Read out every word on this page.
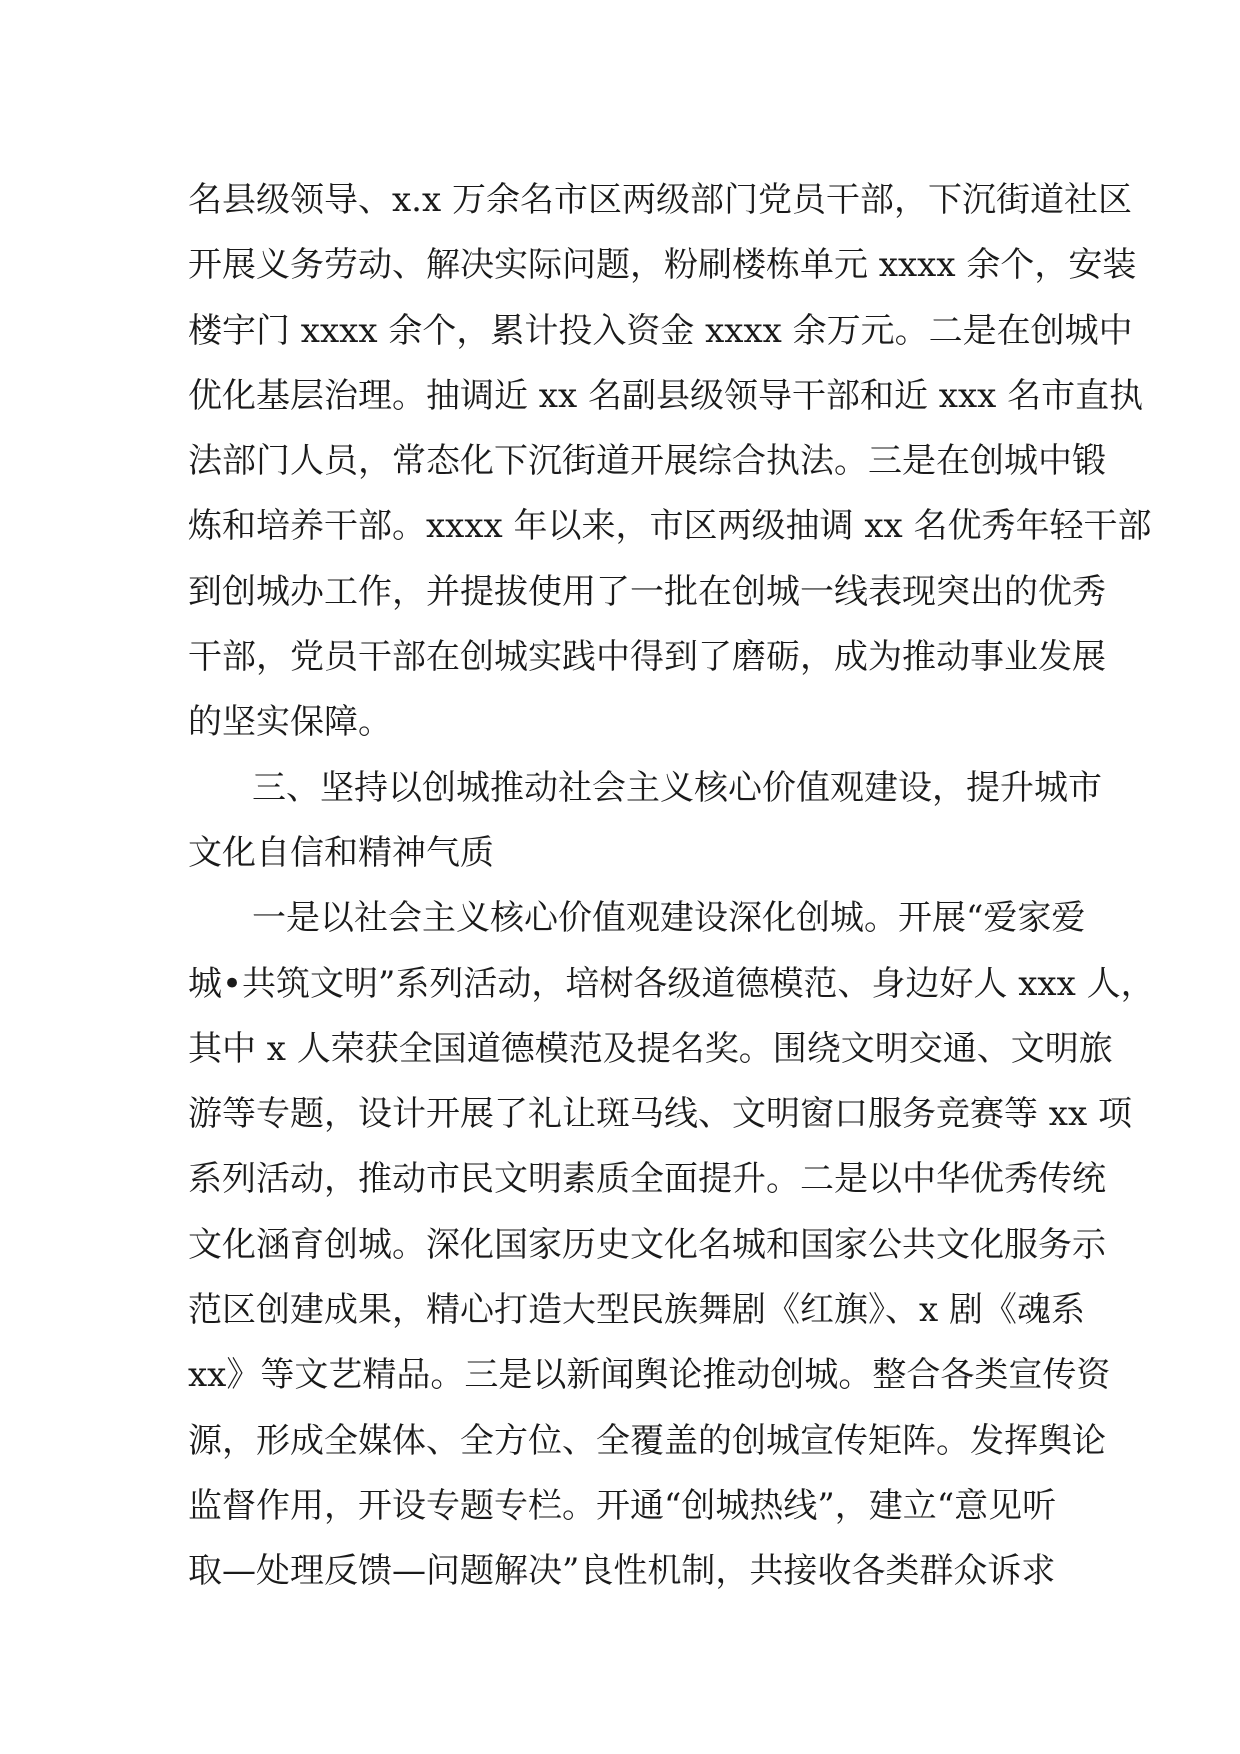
名县级领导、x.x 万余名市区两级部门党员干部，下沉街道社区
开展义务劳动、解决实际问题，粉刷楼栋单元 xxxx 余个，安装
楼宇门 xxxx 余个，累计投入资金 xxxx 余万元。二是在创城中
优化基层治理。抽调近 xx 名副县级领导干部和近 xxx 名市直执
法部门人员，常态化下沉街道开展综合执法。三是在创城中锻
炼和培养干部。xxxx 年以来，市区两级抽调 xx 名优秀年轻干部
到创城办工作，并提拔使用了一批在创城一线表现突出的优秀
干部，党员干部在创城实践中得到了磨砺，成为推动事业发展
的坚实保障。
三、坚持以创城推动社会主义核心价值观建设，提升城市
文化自信和精神气质
一是以社会主义核心价值观建设深化创城。开展“爱家爱
城•共筑文明”系列活动，培树各级道德模范、身边好人 xxx 人，
其中 x 人荣获全国道德模范及提名奖。围绕文明交通、文明旅
游等专题，设计开展了礼让斑马线、文明窗口服务竞赛等 xx 项
系列活动，推动市民文明素质全面提升。二是以中华优秀传统
文化涵育创城。深化国家历史文化名城和国家公共文化服务示
范区创建成果，精心打造大型民族舞剧《红旗》、x 剧《魂系
xx》等文艺精品。三是以新闻舆论推动创城。整合各类宣传资
源，形成全媒体、全方位、全覆盖的创城宣传矩阵。发挥舆论
监督作用，开设专题专栏。开通“创城热线”，建立“意见听
取—处理反馈—问题解决”良性机制，共接收各类群众诉求
